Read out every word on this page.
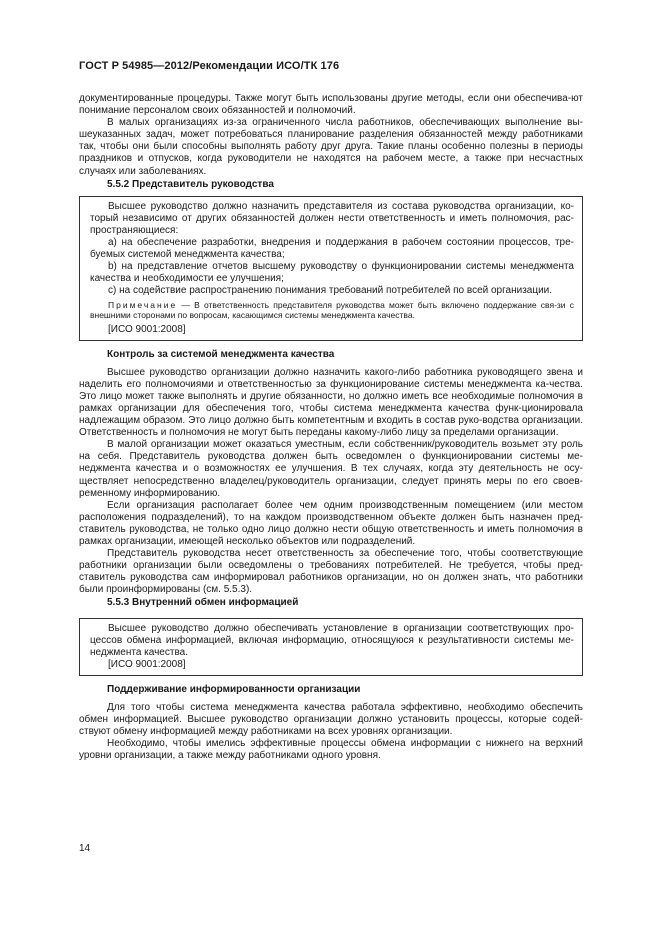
ГОСТ Р 54985—2012/Рекомендации ИСО/ТК 176

документированные процедуры. Также могут быть использованы другие методы, если они обеспечива-ют понимание персоналом своих обязанностей и полномочий.

В малых организациях из-за ограниченного числа работников, обеспечивающих выполнение вы-шеуказанных задач, может потребоваться планирование разделения обязанностей между работниками так, чтобы они были способны выполнять работу друг друга. Такие планы особенно полезны в периоды праздников и отпусков, когда руководители не находятся на рабочем месте, а также при несчастных случаях или заболеваниях.

5.5.2 Представитель руководства

Высшее руководство должно назначить представителя из состава руководства организации, ко-торый независимо от других обязанностей должен нести ответственность и иметь полномочия, рас-пространяющиеся:

а) на обеспечение разработки, внедрения и поддержания в рабочем состоянии процессов, тре-буемых системой менеджмента качества;

b) на представление отчетов высшему руководству о функционировании системы менеджмента качества и необходимости ее улучшения;

с) на содействие распространению понимания требований потребителей по всей организации.

Примечание — В ответственность представителя руководства может быть включено поддержание свя-зи с внешними сторонами по вопросам, касающимся системы менеджмента качества.

[ИСО 9001:2008]

Контроль за системой менеджмента качества

Высшее руководство организации должно назначить какого-либо работника руководящего звена и наделить его полномочиями и ответственностью за функционирование системы менеджмента ка-чества. Это лицо может также выполнять и другие обязанности, но должно иметь все необходимые полномочия в рамках организации для обеспечения того, чтобы система менеджмента качества функ-ционировала надлежащим образом. Это лицо должно быть компетентным и входить в состав руко-водства организации. Ответственность и полномочия не могут быть переданы какому-либо лицу за пределами организации.

В малой организации может оказаться уместным, если собственник/руководитель возьмет эту роль на себя. Представитель руководства должен быть осведомлен о функционировании системы ме-неджмента качества и о возможностях ее улучшения. В тех случаях, когда эту деятельность не осу-ществляет непосредственно владелец/руководитель организации, следует принять меры по его своев-ременному информированию.

Если организация располагает более чем одним производственным помещением (или местом расположения подразделений), то на каждом производственном объекте должен быть назначен пред-ставитель руководства, не только одно лицо должно нести общую ответственность и иметь полномочия в рамках организации, имеющей несколько объектов или подразделений.

Представитель руководства несет ответственность за обеспечение того, чтобы соответствующие работники организации были осведомлены о требованиях потребителей. Не требуется, чтобы пред-ставитель руководства сам информировал работников организации, но он должен знать, что работники были проинформированы (см. 5.5.3).

5.5.3 Внутренний обмен информацией

Высшее руководство должно обеспечивать установление в организации соответствующих про-цессов обмена информацией, включая информацию, относящуюся к результативности системы ме-неджмента качества.

[ИСО 9001:2008]

Поддерживание информированности организации

Для того чтобы система менеджмента качества работала эффективно, необходимо обеспечить обмен информацией. Высшее руководство организации должно установить процессы, которые содей-ствуют обмену информацией между работниками на всех уровнях организации.

Необходимо, чтобы имелись эффективные процессы обмена информации с нижнего на верхний уровни организации, а также между работниками одного уровня.

14
